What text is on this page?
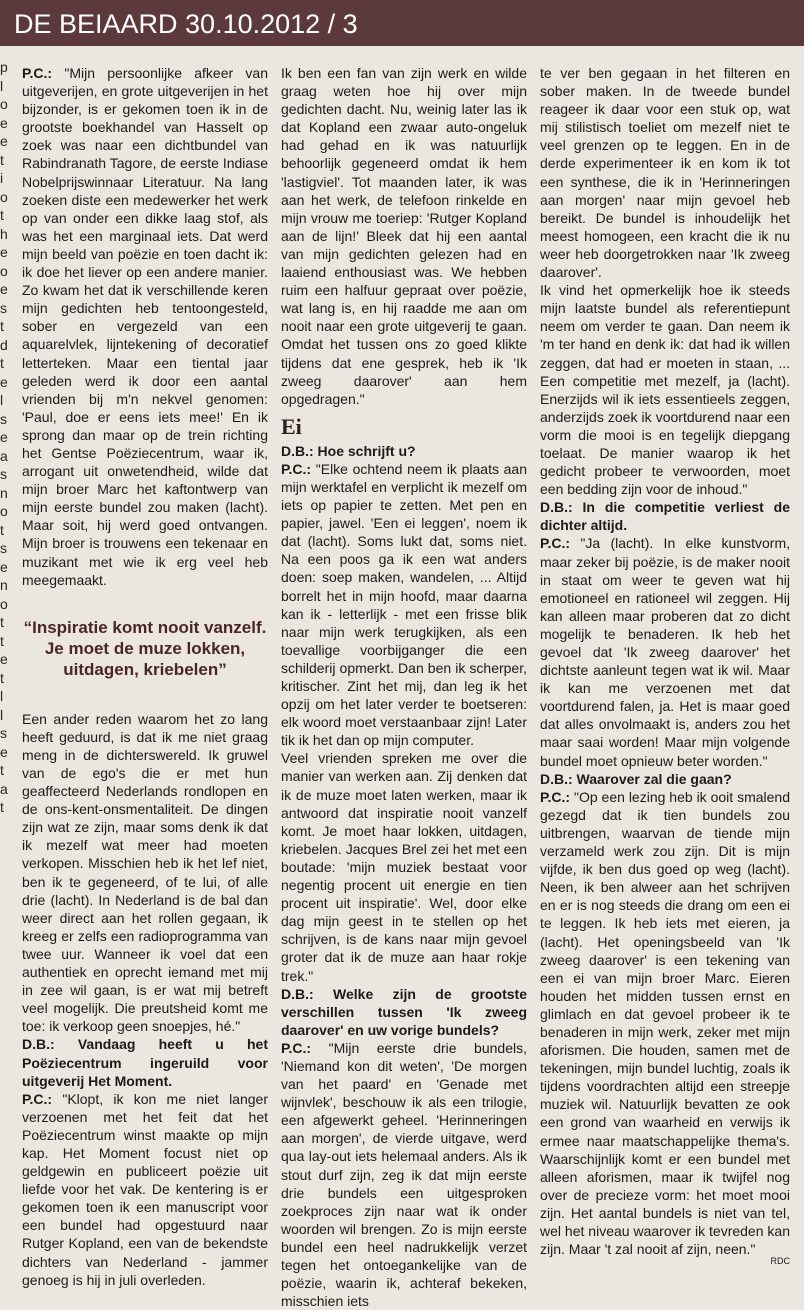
DE BEIAARD 30.10.2012 / 3
p
l
o
e
e
t
i
o
t
h
e
o
e
s
t
d
t
e
l
s
e
a
s
n
o
t
s
e
n
o
t
t
e
t
l
l
s
e
t
a
t

P.C.: "Mijn persoonlijke afkeer van uitgeverijen, en grote uitgeverijen in het bijzonder, is er gekomen toen ik in de grootste boekhandel van Hasselt op zoek was naar een dichtbundel van Rabindranath Tagore, de eerste Indiase Nobelprijswinnaar Literatuur. Na lang zoeken diste een medewerker het werk op van onder een dikke laag stof, als was het een marginaal iets. Dat werd mijn beeld van poëzie en toen dacht ik: ik doe het liever op een andere manier. Zo kwam het dat ik verschillende keren mijn gedichten heb tentoongesteld, sober en vergezeld van een aquarelvlek, lijntekening of decoratief letterteken. Maar een tiental jaar geleden werd ik door een aantal vrienden bij m'n nekvel genomen: 'Paul, doe er eens iets mee!' En ik sprong dan maar op de trein richting het Gentse Poëziecentrum, waar ik, arrogant uit onwetendheid, wilde dat mijn broer Marc het kaftontwerp van mijn eerste bundel zou maken (lacht). Maar soit, hij werd goed ontvangen. Mijn broer is trouwens een tekenaar en muzikant met wie ik erg veel heb meegemaakt.

“Inspiratie komt nooit vanzelf. Je moet de muze lokken, uitdagen, kriebelen”

Een ander reden waarom het zo lang heeft geduurd, is dat ik me niet graag meng in de dichterswereld. Ik gruwel van de ego's die er met hun geaffecteerd Nederlands rondlopen en de ons-kent-onsmentaliteit. De dingen zijn wat ze zijn, maar soms denk ik dat ik mezelf wat meer had moeten verkopen. Misschien heb ik het lef niet, ben ik te gegeneerd, of te lui, of alle drie (lacht). In Nederland is de bal dan weer direct aan het rollen gegaan, ik kreeg er zelfs een radioprogramma van twee uur. Wanneer ik voel dat een authentiek en oprecht iemand met mij in zee wil gaan, is er wat mij betreft veel mogelijk. Die preutsheid komt me toe: ik verkoop geen snoepjes, hé."

D.B.: Vandaag heeft u het Poëziecentrum ingeruild voor uitgeverij Het Moment.

P.C.: "Klopt, ik kon me niet langer verzoenen met het feit dat het Poëziecentrum winst maakte op mijn kap. Het Moment focust niet op geldgewin en publiceert poëzie uit liefde voor het vak. De kentering is er gekomen toen ik een manuscript voor een bundel had opgestuurd naar Rutger Kopland, een van de bekendste dichters van Nederland - jammer genoeg is hij in juli overleden.

Ik ben een fan van zijn werk en wilde graag weten hoe hij over mijn gedichten dacht. Nu, weinig later las ik dat Kopland een zwaar auto-ongeluk had gehad en ik was natuurlijk behoorlijk gegeneerd omdat ik hem 'lastigviel'. Tot maanden later, ik was aan het werk, de telefoon rinkelde en mijn vrouw me toeriep: 'Rutger Kopland aan de lijn!' Bleek dat hij een aantal van mijn gedichten gelezen had en laaiend enthousiast was. We hebben ruim een halfuur gepraat over poëzie, wat lang is, en hij raadde me aan om nooit naar een grote uitgeverij te gaan. Omdat het tussen ons zo goed klikte tijdens dat ene gesprek, heb ik 'Ik zweeg daarover' aan hem opgedragen."

Ei

D.B.: Hoe schrijft u?

P.C.: "Elke ochtend neem ik plaats aan mijn werktafel en verplicht ik mezelf om iets op papier te zetten. Met pen en papier, jawel. 'Een ei leggen', noem ik dat (lacht). Soms lukt dat, soms niet. Na een poos ga ik een wat anders doen: soep maken, wandelen, ... Altijd borrelt het in mijn hoofd, maar daarna kan ik - letterlijk - met een frisse blik naar mijn werk terugkijken, als een toevallige voorbijganger die een schilderij opmerkt. Dan ben ik scherper, kritischer. Zint het mij, dan leg ik het opzij om het later verder te boetseren: elk woord moet verstaanbaar zijn! Later tik ik het dan op mijn computer.

Veel vrienden spreken me over die manier van werken aan. Zij denken dat ik de muze moet laten werken, maar ik antwoord dat inspiratie nooit vanzelf komt. Je moet haar lokken, uitdagen, kriebelen. Jacques Brel zei het met een boutade: 'mijn muziek bestaat voor negentig procent uit energie en tien procent uit inspiratie'. Wel, door elke dag mijn geest in te stellen op het schrijven, is de kans naar mijn gevoel groter dat ik de muze aan haar rokje trek."

D.B.: Welke zijn de grootste verschillen tussen 'Ik zweeg daarover' en uw vorige bundels?

P.C.: "Mijn eerste drie bundels, 'Niemand kon dit weten', 'De morgen van het paard' en 'Genade met wijnvlek', beschouw ik als een trilogie, een afgewerkt geheel. 'Herinneringen aan morgen', de vierde uitgave, werd qua lay-out iets helemaal anders. Als ik stout durf zijn, zeg ik dat mijn eerste drie bundels een uitgesproken zoekproces zijn naar wat ik onder woorden wil brengen. Zo is mijn eerste bundel een heel nadrukkelijk verzet tegen het ontoegankelijke van de poëzie, waarin ik, achteraf bekeken, misschien iets

te ver ben gegaan in het filteren en sober maken. In de tweede bundel reageer ik daar voor een stuk op, wat mij stilistisch toeliet om mezelf niet te veel grenzen op te leggen. En in de derde experimenteer ik en kom ik tot een synthese, die ik in 'Herinneringen aan morgen' naar mijn gevoel heb bereikt. De bundel is inhoudelijk het meest homogeen, een kracht die ik nu weer heb doorgetrokken naar 'Ik zweeg daarover'.

Ik vind het opmerkelijk hoe ik steeds mijn laatste bundel als referentiepunt neem om verder te gaan. Dan neem ik 'm ter hand en denk ik: dat had ik willen zeggen, dat had er moeten in staan, ... Een competitie met mezelf, ja (lacht). Enerzijds wil ik iets essentieels zeggen, anderzijds zoek ik voortdurend naar een vorm die mooi is en tegelijk diepgang toelaat. De manier waarop ik het gedicht probeer te verwoorden, moet een bedding zijn voor de inhoud."

D.B.: In die competitie verliest de dichter altijd.

P.C.: "Ja (lacht). In elke kunstvorm, maar zeker bij poëzie, is de maker nooit in staat om weer te geven wat hij emotioneel en rationeel wil zeggen. Hij kan alleen maar proberen dat zo dicht mogelijk te benaderen. Ik heb het gevoel dat 'Ik zweeg daarover' het dichtste aanleunt tegen wat ik wil. Maar ik kan me verzoenen met dat voortdurend falen, ja. Het is maar goed dat alles onvolmaakt is, anders zou het maar saai worden! Maar mijn volgende bundel moet opnieuw beter worden."

D.B.: Waarover zal die gaan?

P.C.: "Op een lezing heb ik ooit smalend gezegd dat ik tien bundels zou uitbrengen, waarvan de tiende mijn verzameld werk zou zijn. Dit is mijn vijfde, ik ben dus goed op weg (lacht). Neen, ik ben alweer aan het schrijven en er is nog steeds die drang om een ei te leggen. Ik heb iets met eieren, ja (lacht). Het openingsbeeld van 'Ik zweeg daarover' is een tekening van een ei van mijn broer Marc. Eieren houden het midden tussen ernst en glimlach en dat gevoel probeer ik te benaderen in mijn werk, zeker met mijn aforismen. Die houden, samen met de tekeningen, mijn bundel luchtig, zoals ik tijdens voordrachten altijd een streepje muziek wil. Natuurlijk bevatten ze ook een grond van waarheid en verwijs ik ermee naar maatschappelijke thema's. Waarschijnlijk komt er een bundel met alleen aforismen, maar ik twijfel nog over de precieze vorm: het moet mooi zijn. Het aantal bundels is niet van tel, wel het niveau waarover ik tevreden kan zijn. Maar 't zal nooit af zijn, neen."

RDC
